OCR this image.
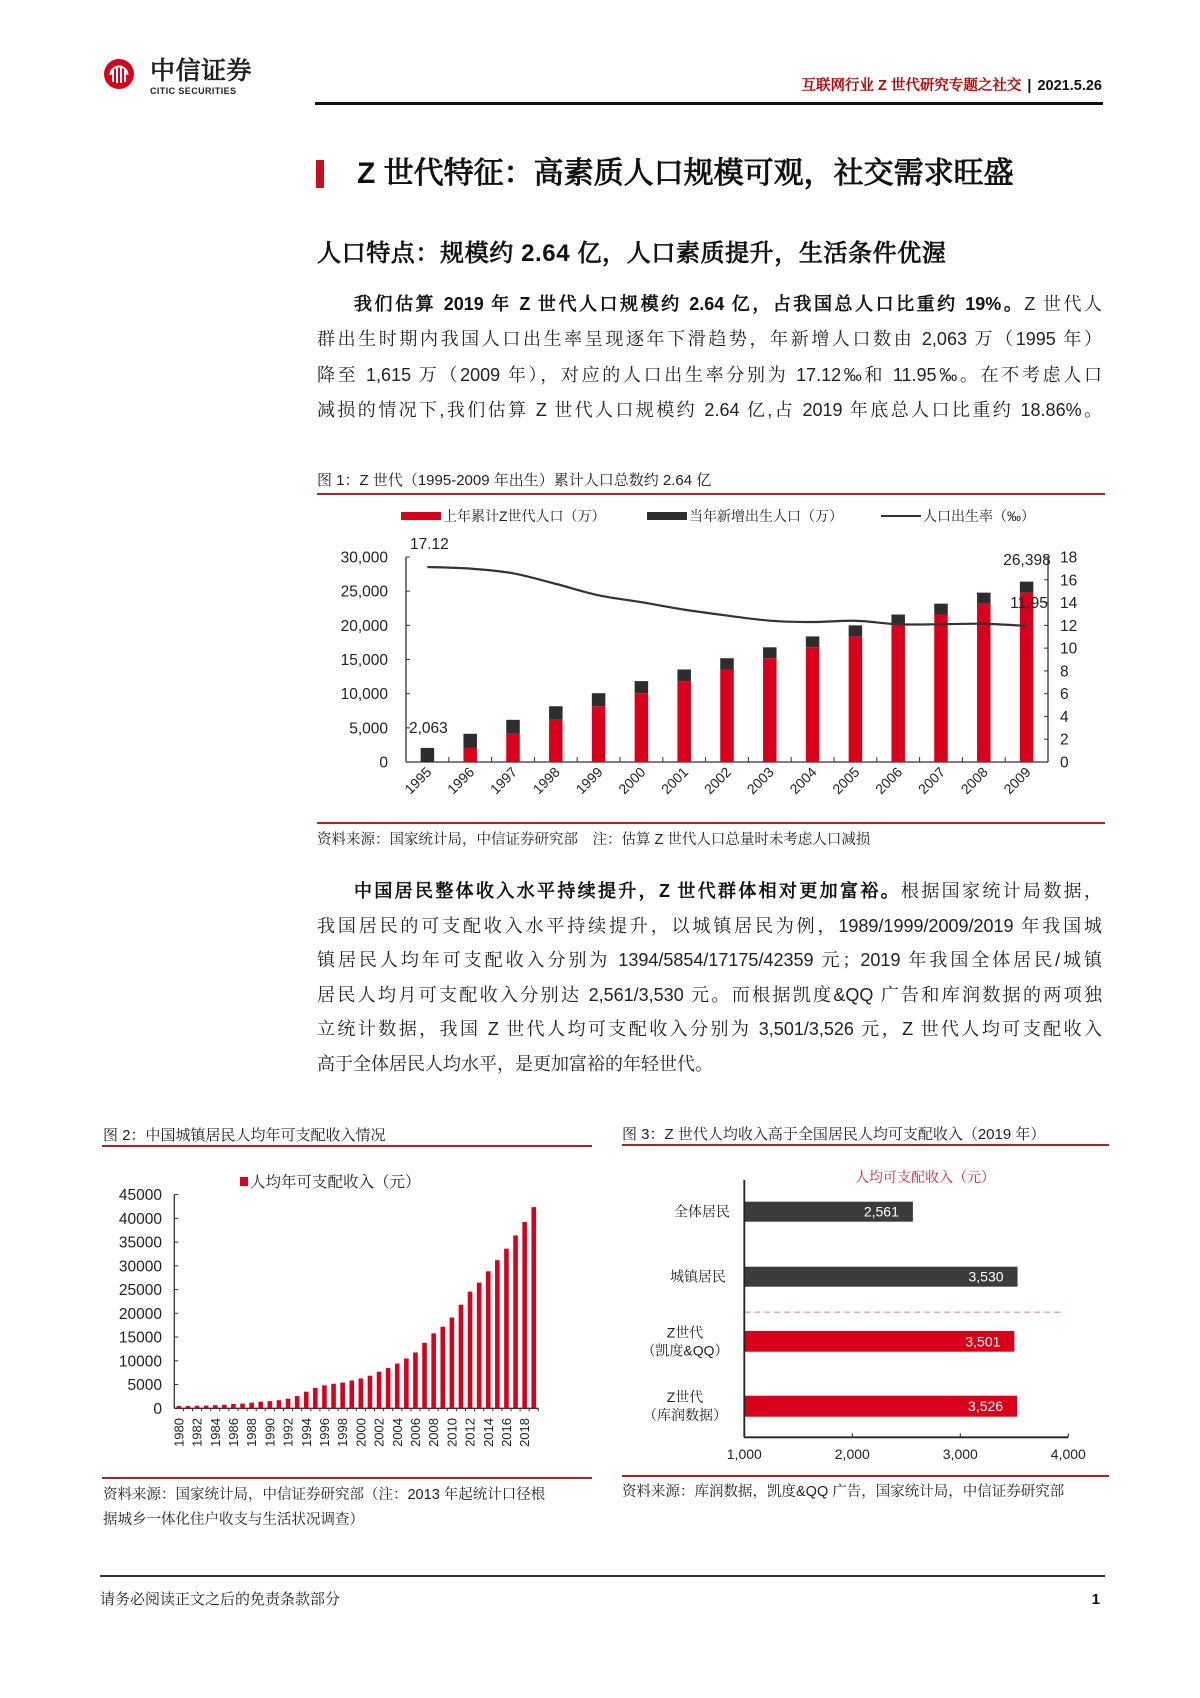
中信证券
CITIC SECURITIES	互联网行业 Z 世代研究专题之社交 | 2021.5.26
Z 世代特征：高素质人口规模可观，社交需求旺盛
人口特点：规模约 2.64 亿，人口素质提升，生活条件优渥
我们估算 2019 年 Z 世代人口规模约 2.64 亿，占我国总人口比重约 19%。Z 世代人
群出生时期内我国人口出生率呈现逐年下滑趋势，年新增人口数由 2,063 万（1995 年）
降至 1,615 万（2009 年），对应的人口出生率分别为 17.12‰和 11.95‰。在不考虑人口
减损的情况下,我们估算 Z 世代人口规模约 2.64 亿,占 2019 年底总人口比重约 18.86%。
图 1：Z 世代（1995-2009 年出生）累计人口总数约 2.64 亿
上年累计Z世代人口（万）	当年新增出生人口（万）	人口出生率（‰）
0
5,000
10,000
15,000
20,000
25,000
30,000
0
2
4
6
8
10
12
14
16
18
1995 1996 1997 1998 1999 2000 2001 2002 2003 2004 2005 2006 2007 2008 2009
17.12
2,063
26,398
11.95
资料来源：国家统计局，中信证券研究部　注：估算 Z 世代人口总量时未考虑人口减损
中国居民整体收入水平持续提升，Z 世代群体相对更加富裕。根据国家统计局数据，
我国居民的可支配收入水平持续提升，以城镇居民为例，1989/1999/2009/2019 年我国城
镇居民人均年可支配收入分别为 1394/5854/17175/42359 元；2019 年我国全体居民/城镇
居民人均月可支配收入分别达 2,561/3,530 元。而根据凯度&QQ 广告和库润数据的两项独
立统计数据，我国 Z 世代人均可支配收入分别为 3,501/3,526 元，Z 世代人均可支配收入
高于全体居民人均水平，是更加富裕的年轻世代。
图 2：中国城镇居民人均年可支配收入情况
人均年可支配收入（元）
0
5000
10000
15000
20000
25000
30000
35000
40000
45000
1980 1982 1984 1986 1988 1990 1992 1994 1996 1998 2000 2002 2004 2006 2008 2010 2012 2014 2016 2018
资料来源：国家统计局，中信证券研究部（注：2013 年起统计口径根
据城乡一体化住户收支与生活状况调查）
图 3：Z 世代人均收入高于全国居民人均可支配收入（2019 年）
人均可支配收入（元）
2,561
全体居民
3,530
城镇居民
3,501
Z世代
（凯度&QQ）
3,526
Z世代
（库润数据）
1,000	2,000	3,000	4,000
资料来源：库润数据，凯度&QQ 广告，国家统计局，中信证券研究部
请务必阅读正文之后的免责条款部分	1
